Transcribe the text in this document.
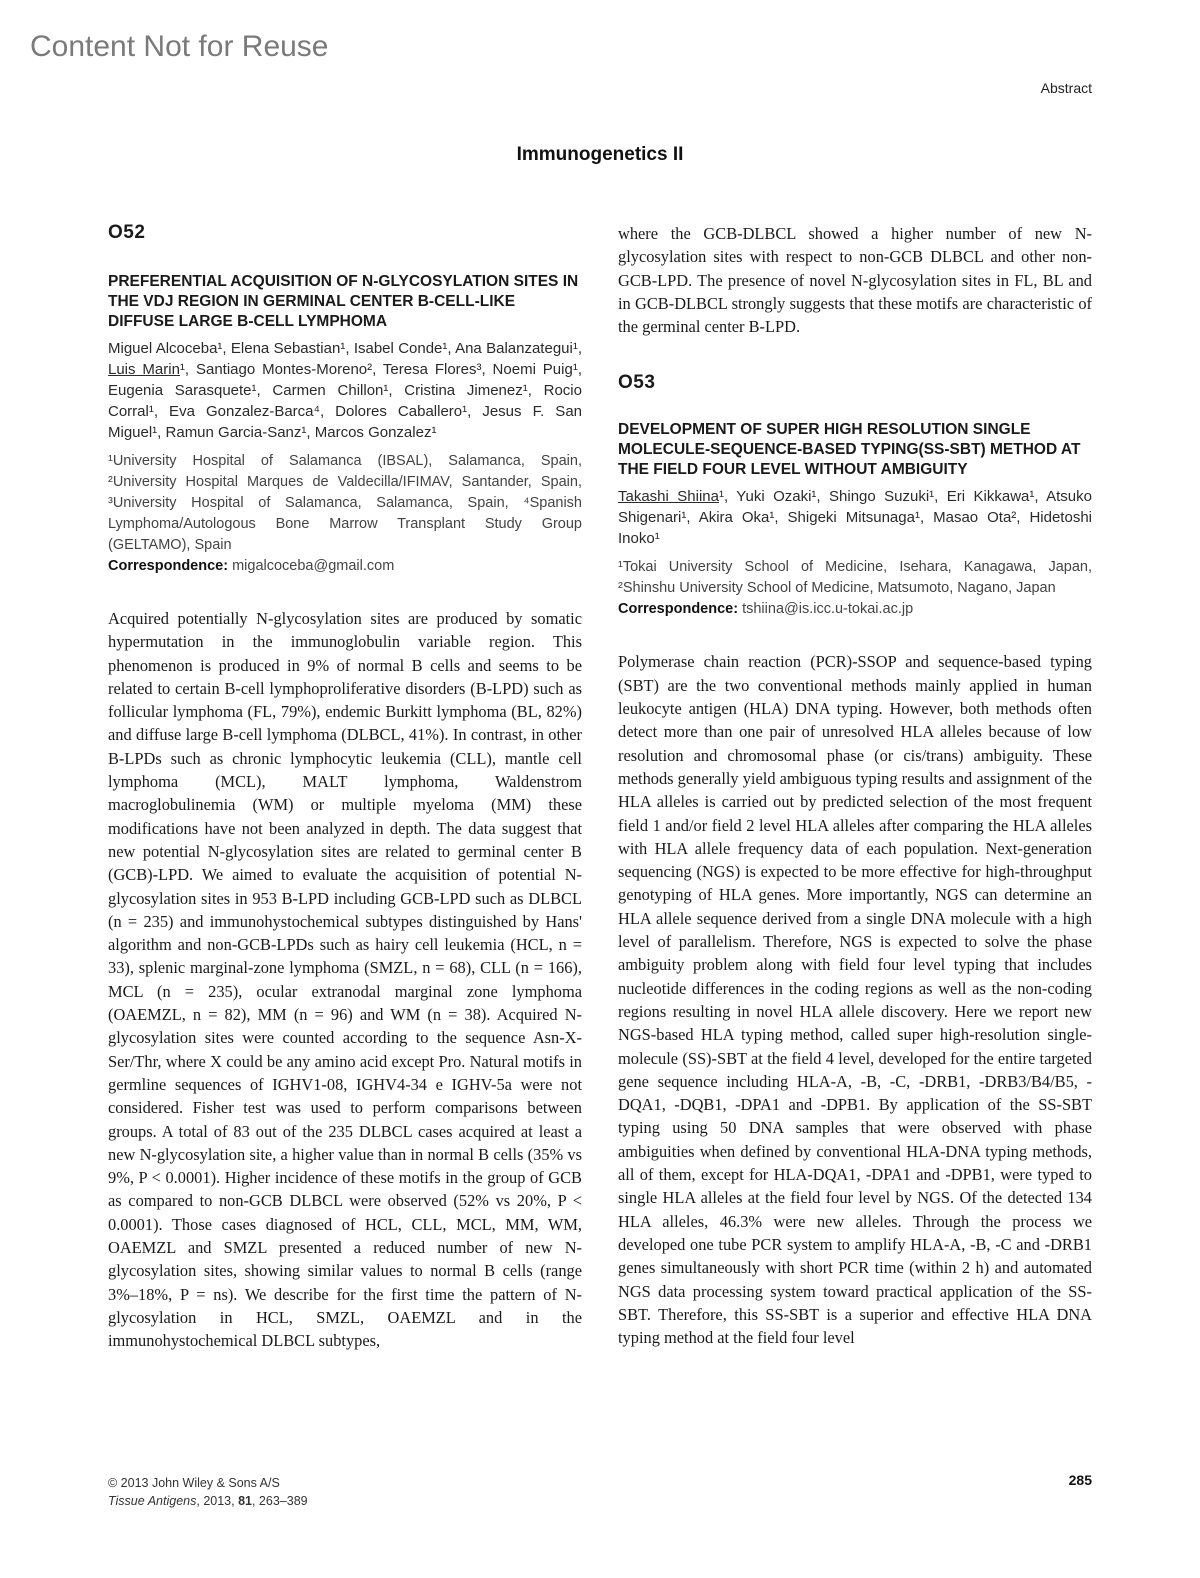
Content Not for Reuse
Abstract
Immunogenetics II
O52
PREFERENTIAL ACQUISITION OF N-GLYCOSYLATION SITES IN THE VDJ REGION IN GERMINAL CENTER B-CELL-LIKE DIFFUSE LARGE B-CELL LYMPHOMA
Miguel Alcoceba¹, Elena Sebastian¹, Isabel Conde¹, Ana Balanzategui¹, Luis Marin¹, Santiago Montes-Moreno², Teresa Flores³, Noemi Puig¹, Eugenia Sarasquete¹, Carmen Chillon¹, Cristina Jimenez¹, Rocio Corral¹, Eva Gonzalez-Barca⁴, Dolores Caballero¹, Jesus F. San Miguel¹, Ramun Garcia-Sanz¹, Marcos Gonzalez¹
¹University Hospital of Salamanca (IBSAL), Salamanca, Spain, ²University Hospital Marques de Valdecilla/IFIMAV, Santander, Spain, ³University Hospital of Salamanca, Salamanca, Spain, ⁴Spanish Lymphoma/Autologous Bone Marrow Transplant Study Group (GELTAMO), Spain
Correspondence: migalcoceba@gmail.com
Acquired potentially N-glycosylation sites are produced by somatic hypermutation in the immunoglobulin variable region. This phenomenon is produced in 9% of normal B cells and seems to be related to certain B-cell lymphoproliferative disorders (B-LPD) such as follicular lymphoma (FL, 79%), endemic Burkitt lymphoma (BL, 82%) and diffuse large B-cell lymphoma (DLBCL, 41%). In contrast, in other B-LPDs such as chronic lymphocytic leukemia (CLL), mantle cell lymphoma (MCL), MALT lymphoma, Waldenstrom macroglobulinemia (WM) or multiple myeloma (MM) these modifications have not been analyzed in depth. The data suggest that new potential N-glycosylation sites are related to germinal center B (GCB)-LPD. We aimed to evaluate the acquisition of potential N-glycosylation sites in 953 B-LPD including GCB-LPD such as DLBCL (n = 235) and immunohystochemical subtypes distinguished by Hans' algorithm and non-GCB-LPDs such as hairy cell leukemia (HCL, n = 33), splenic marginal-zone lymphoma (SMZL, n = 68), CLL (n = 166), MCL (n = 235), ocular extranodal marginal zone lymphoma (OAEMZL, n = 82), MM (n = 96) and WM (n = 38). Acquired N-glycosylation sites were counted according to the sequence Asn-X-Ser/Thr, where X could be any amino acid except Pro. Natural motifs in germline sequences of IGHV1-08, IGHV4-34 e IGHV-5a were not considered. Fisher test was used to perform comparisons between groups. A total of 83 out of the 235 DLBCL cases acquired at least a new N-glycosylation site, a higher value than in normal B cells (35% vs 9%, P < 0.0001). Higher incidence of these motifs in the group of GCB as compared to non-GCB DLBCL were observed (52% vs 20%, P < 0.0001). Those cases diagnosed of HCL, CLL, MCL, MM, WM, OAEMZL and SMZL presented a reduced number of new N-glycosylation sites, showing similar values to normal B cells (range 3%–18%, P = ns). We describe for the first time the pattern of N-glycosylation in HCL, SMZL, OAEMZL and in the immunohystochemical DLBCL subtypes,
where the GCB-DLBCL showed a higher number of new N-glycosylation sites with respect to non-GCB DLBCL and other non-GCB-LPD. The presence of novel N-glycosylation sites in FL, BL and in GCB-DLBCL strongly suggests that these motifs are characteristic of the germinal center B-LPD.
O53
DEVELOPMENT OF SUPER HIGH RESOLUTION SINGLE MOLECULE-SEQUENCE-BASED TYPING(SS-SBT) METHOD AT THE FIELD FOUR LEVEL WITHOUT AMBIGUITY
Takashi Shiina¹, Yuki Ozaki¹, Shingo Suzuki¹, Eri Kikkawa¹, Atsuko Shigenari¹, Akira Oka¹, Shigeki Mitsunaga¹, Masao Ota², Hidetoshi Inoko¹
¹Tokai University School of Medicine, Isehara, Kanagawa, Japan, ²Shinshu University School of Medicine, Matsumoto, Nagano, Japan
Correspondence: tshiina@is.icc.u-tokai.ac.jp
Polymerase chain reaction (PCR)-SSOP and sequence-based typing (SBT) are the two conventional methods mainly applied in human leukocyte antigen (HLA) DNA typing. However, both methods often detect more than one pair of unresolved HLA alleles because of low resolution and chromosomal phase (or cis/trans) ambiguity. These methods generally yield ambiguous typing results and assignment of the HLA alleles is carried out by predicted selection of the most frequent field 1 and/or field 2 level HLA alleles after comparing the HLA alleles with HLA allele frequency data of each population. Next-generation sequencing (NGS) is expected to be more effective for high-throughput genotyping of HLA genes. More importantly, NGS can determine an HLA allele sequence derived from a single DNA molecule with a high level of parallelism. Therefore, NGS is expected to solve the phase ambiguity problem along with field four level typing that includes nucleotide differences in the coding regions as well as the non-coding regions resulting in novel HLA allele discovery. Here we report new NGS-based HLA typing method, called super high-resolution single-molecule (SS)-SBT at the field 4 level, developed for the entire targeted gene sequence including HLA-A, -B, -C, -DRB1, -DRB3/B4/B5, -DQA1, -DQB1, -DPA1 and -DPB1. By application of the SS-SBT typing using 50 DNA samples that were observed with phase ambiguities when defined by conventional HLA-DNA typing methods, all of them, except for HLA-DQA1, -DPA1 and -DPB1, were typed to single HLA alleles at the field four level by NGS. Of the detected 134 HLA alleles, 46.3% were new alleles. Through the process we developed one tube PCR system to amplify HLA-A, -B, -C and -DRB1 genes simultaneously with short PCR time (within 2 h) and automated NGS data processing system toward practical application of the SS-SBT. Therefore, this SS-SBT is a superior and effective HLA DNA typing method at the field four level
© 2013 John Wiley & Sons A/S
Tissue Antigens, 2013, 81, 263–389
285
